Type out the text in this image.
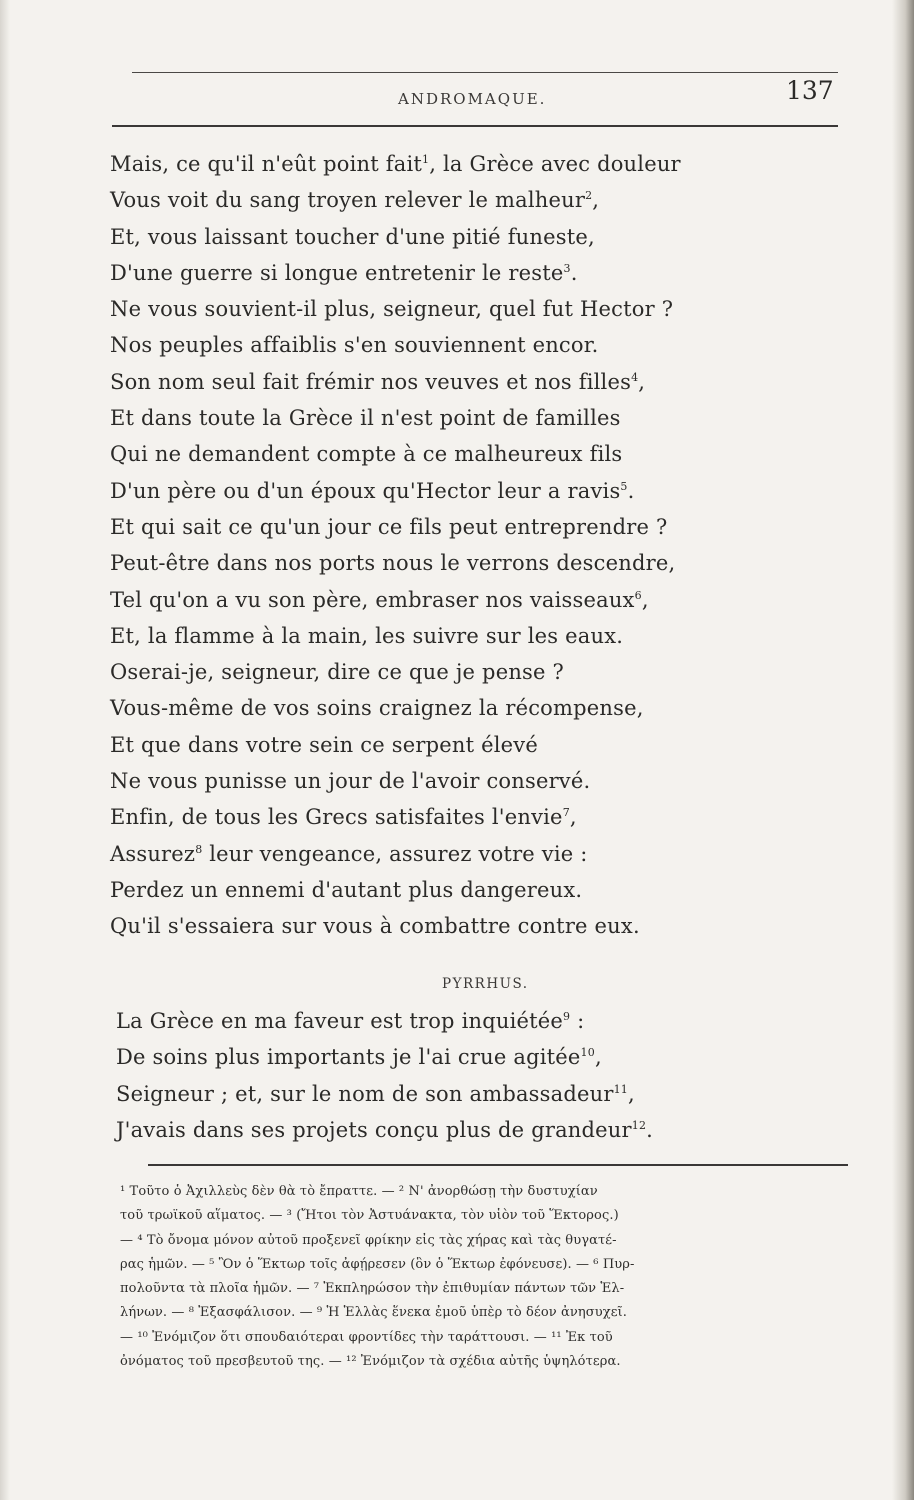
ANDROMAQUE.	137
Mais, ce qu'il n'eût point fait$^1$, la Grèce avec douleur
Vous voit du sang troyen relever le malheur$^2$,
Et, vous laissant toucher d'une pitié funeste,
D'une guerre si longue entretenir le reste$^3$.
Ne vous souvient-il plus, seigneur, quel fut Hector ?
Nos peuples affaiblis s'en souviennent encor.
Son nom seul fait frémir nos veuves et nos filles$^4$,
Et dans toute la Grèce il n'est point de familles
Qui ne demandent compte à ce malheureux fils
D'un père ou d'un époux qu'Hector leur a ravis$^5$.
Et qui sait ce qu'un jour ce fils peut entreprendre ?
Peut-être dans nos ports nous le verrons descendre,
Tel qu'on a vu son père, embraser nos vaisseaux$^6$,
Et, la flamme à la main, les suivre sur les eaux.
Oserai-je, seigneur, dire ce que je pense ?
Vous-même de vos soins craignez la récompense,
Et que dans votre sein ce serpent élevé
Ne vous punisse un jour de l'avoir conservé.
Enfin, de tous les Grecs satisfaites l'envie$^7$,
Assurez$^8$ leur vengeance, assurez votre vie :
Perdez un ennemi d'autant plus dangereux.
Qu'il s'essaiera sur vous à combattre contre eux.
PYRRHUS.
La Grèce en ma faveur est trop inquiétée$^9$ :
De soins plus importants je l'ai crue agitée$^{10}$,
Seigneur ; et, sur le nom de son ambassadeur$^{11}$,
J'avais dans ses projets conçu plus de grandeur$^{12}$.
¹ Τοῦτο ὁ Ἀχιλλεὺς δὲν θὰ τὸ ἔπραττε. — ² Ν' ἀνορθώσῃ τὴν δυστυχίαν
τοῦ τρωϊκοῦ αἵματος. — ³ (Ἤτοι τὸν Ἀστυάνακτα, τὸν υἱὸν τοῦ Ἕκτορος.)
— ⁴ Τὸ ὄνομα μόνον αὐτοῦ προξενεῖ φρίκην εἰς τὰς χήρας καὶ τὰς θυγατέ-
ρας ἡμῶν. — ⁵ Ὃν ὁ Ἕκτωρ τοῖς ἀφῄρεσεν (ὃν ὁ Ἕκτωρ ἐφόνευσε). — ⁶ Πυρ-
πολοῦντα τὰ πλοῖα ἡμῶν. — ⁷ Ἐκπληρώσον τὴν ἐπιθυμίαν πάντων τῶν Ἑλ-
λήνων. — ⁸ Ἐξασφάλισον. — ⁹ Ἡ Ἑλλὰς ἕνεκα ἐμοῦ ὑπὲρ τὸ δέον ἀνησυχεῖ.
— ¹⁰ Ἐνόμιζον ὅτι σπουδαιότεραι φροντίδες τὴν ταράττουσι. — ¹¹ Ἐκ τοῦ
ὀνόματος τοῦ πρεσβευτοῦ της. — ¹² Ἐνόμιζον τὰ σχέδια αὐτῆς ὑψηλότερα.
